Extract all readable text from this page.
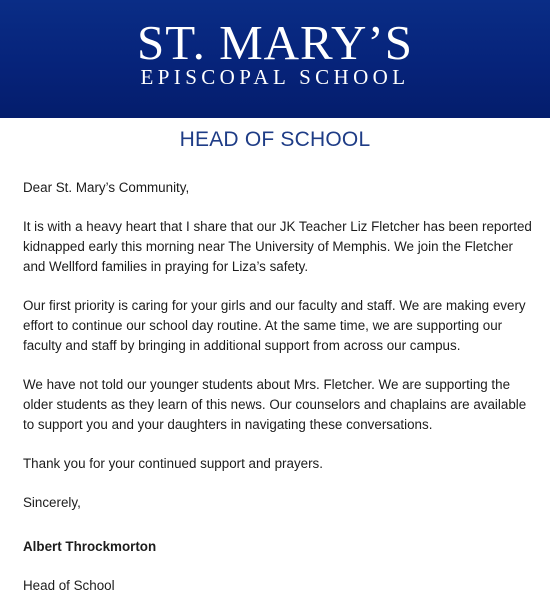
ST. MARY’S
EPISCOPAL SCHOOL
HEAD OF SCHOOL

Dear St. Mary’s Community,

It is with a heavy heart that I share that our JK Teacher Liz Fletcher has been reported kidnapped early this morning near The University of Memphis. We join the Fletcher and Wellford families in praying for Liza’s safety.

Our first priority is caring for your girls and our faculty and staff. We are making every effort to continue our school day routine. At the same time, we are supporting our faculty and staff by bringing in additional support from across our campus.

We have not told our younger students about Mrs. Fletcher. We are supporting the older students as they learn of this news. Our counselors and chaplains are available to support you and your daughters in navigating these conversations.

Thank you for your continued support and prayers.

Sincerely,

Albert Throckmorton

Head of School
